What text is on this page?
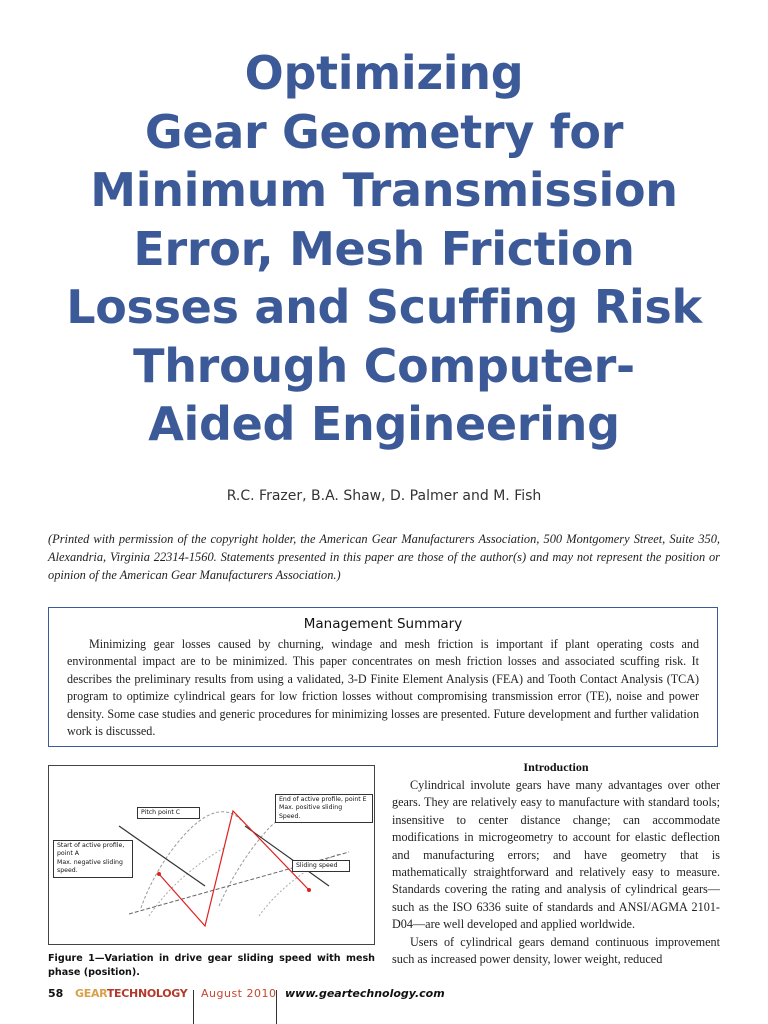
Optimizing
Gear Geometry for
Minimum Transmission
Error, Mesh Friction
Losses and Scuffing Risk
Through Computer-
Aided Engineering
R.C. Frazer, B.A. Shaw, D. Palmer and M. Fish

(Printed with permission of the copyright holder, the American Gear Manufacturers Association, 500 Montgomery Street, Suite 350, Alexandria, Virginia 22314-1560. Statements presented in this paper are those of the author(s) and may not represent the position or opinion of the American Gear Manufacturers Association.)

Management Summary

Minimizing gear losses caused by churning, windage and mesh friction is important if plant operating costs and environmental impact are to be minimized. This paper concentrates on mesh friction losses and associated scuffing risk. It describes the preliminary results from using a validated, 3-D Finite Element Analysis (FEA) and Tooth Contact Analysis (TCA) program to optimize cylindrical gears for low friction losses without compromising transmission error (TE), noise and power density. Some case studies and generic procedures for minimizing losses are presented. Future development and further validation work is discussed.

End of active profile, point E
Max. positive sliding
Speed.
Pitch point C
Start of active profile,
point A
Max. negative sliding
speed.
Sliding speed

Figure 1—Variation in drive gear sliding speed with mesh phase (position).

Introduction

Cylindrical involute gears have many advantages over other gears. They are relatively easy to manufacture with standard tools; insensitive to center distance change; can accommodate modifications in microgeometry to account for elastic deflection and manufacturing errors; and have geometry that is mathematically straightforward and relatively easy to measure. Standards covering the rating and analysis of cylindrical gears—such as the ISO 6336 suite of standards and ANSI/AGMA 2101-D04—are well developed and applied worldwide.

Users of cylindrical gears demand continuous improvement such as increased power density, lower weight, reduced

58 GEARTECHNOLOGY August 2010 www.geartechnology.com
